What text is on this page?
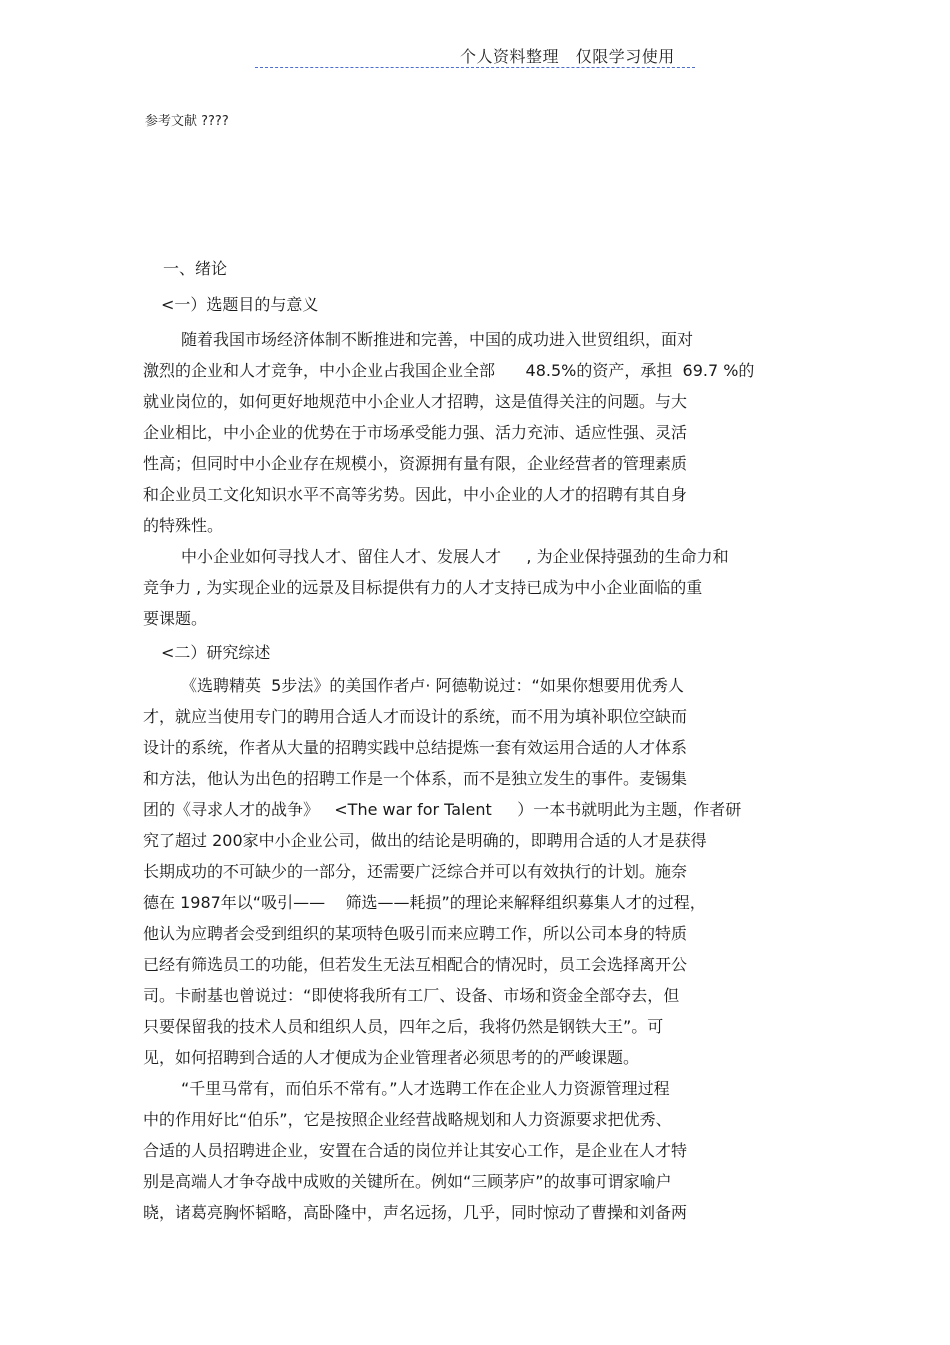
个人资料整理   仅限学习使用
参考文献 ????
一、绪论
<一）选题目的与意义
随着我国市场经济体制不断推进和完善，中国的成功进入世贸组织，面对
激烈的企业和人才竞争，中小企业占我国企业全部      48.5%的资产，承担  69.7 %的
就业岗位的，如何更好地规范中小企业人才招聘，这是值得关注的问题。与大
企业相比，中小企业的优势在于市场承受能力强、活力充沛、适应性强、灵活
性高；但同时中小企业存在规模小，资源拥有量有限，企业经营者的管理素质
和企业员工文化知识水平不高等劣势。因此，中小企业的人才的招聘有其自身
的特殊性。
中小企业如何寻找人才、留住人才、发展人才     , 为企业保持强劲的生命力和
竞争力 , 为实现企业的远景及目标提供有力的人才支持已成为中小企业面临的重
要课题。
<二）研究综述
《选聘精英  5步法》的美国作者卢· 阿德勒说过：“如果你想要用优秀人
才，就应当使用专门的聘用合适人才而设计的系统，而不用为填补职位空缺而
设计的系统，作者从大量的招聘实践中总结提炼一套有效运用合适的人才体系
和方法，他认为出色的招聘工作是一个体系，而不是独立发生的事件。麦锡集
团的《寻求人才的战争》   <The war for Talent     ）一本书就明此为主题，作者研
究了超过 200家中小企业公司，做出的结论是明确的，即聘用合适的人才是获得
长期成功的不可缺少的一部分，还需要广泛综合并可以有效执行的计划。施奈
德在 1987年以“吸引——    筛选——耗损”的理论来解释组织募集人才的过程，
他认为应聘者会受到组织的某项特色吸引而来应聘工作，所以公司本身的特质
已经有筛选员工的功能，但若发生无法互相配合的情况时，员工会选择离开公
司。卡耐基也曾说过：“即使将我所有工厂、设备、市场和资金全部夺去，但
只要保留我的技术人员和组织人员，四年之后，我将仍然是钢铁大王”。可
见，如何招聘到合适的人才便成为企业管理者必须思考的的严峻课题。
“千里马常有，而伯乐不常有。”人才选聘工作在企业人力资源管理过程
中的作用好比“伯乐”，它是按照企业经营战略规划和人力资源要求把优秀、
合适的人员招聘进企业，安置在合适的岗位并让其安心工作，是企业在人才特
别是高端人才争夺战中成败的关键所在。例如“三顾茅庐”的故事可谓家喻户
晓，诸葛亮胸怀韬略，高卧隆中，声名远扬，几乎，同时惊动了曹操和刘备两
